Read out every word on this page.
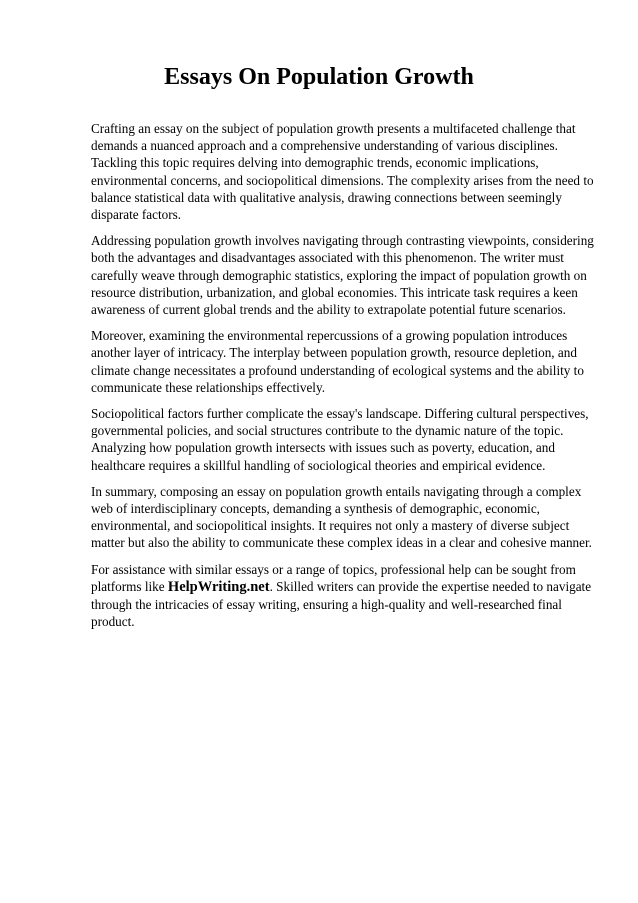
Essays On Population Growth

Crafting an essay on the subject of population growth presents a multifaceted challenge that demands a nuanced approach and a comprehensive understanding of various disciplines. Tackling this topic requires delving into demographic trends, economic implications, environmental concerns, and sociopolitical dimensions. The complexity arises from the need to balance statistical data with qualitative analysis, drawing connections between seemingly disparate factors.

Addressing population growth involves navigating through contrasting viewpoints, considering both the advantages and disadvantages associated with this phenomenon. The writer must carefully weave through demographic statistics, exploring the impact of population growth on resource distribution, urbanization, and global economies. This intricate task requires a keen awareness of current global trends and the ability to extrapolate potential future scenarios.

Moreover, examining the environmental repercussions of a growing population introduces another layer of intricacy. The interplay between population growth, resource depletion, and climate change necessitates a profound understanding of ecological systems and the ability to communicate these relationships effectively.

Sociopolitical factors further complicate the essay's landscape. Differing cultural perspectives, governmental policies, and social structures contribute to the dynamic nature of the topic. Analyzing how population growth intersects with issues such as poverty, education, and healthcare requires a skillful handling of sociological theories and empirical evidence.

In summary, composing an essay on population growth entails navigating through a complex web of interdisciplinary concepts, demanding a synthesis of demographic, economic, environmental, and sociopolitical insights. It requires not only a mastery of diverse subject matter but also the ability to communicate these complex ideas in a clear and cohesive manner.

For assistance with similar essays or a range of topics, professional help can be sought from platforms like HelpWriting.net. Skilled writers can provide the expertise needed to navigate through the intricacies of essay writing, ensuring a high-quality and well-researched final product.
